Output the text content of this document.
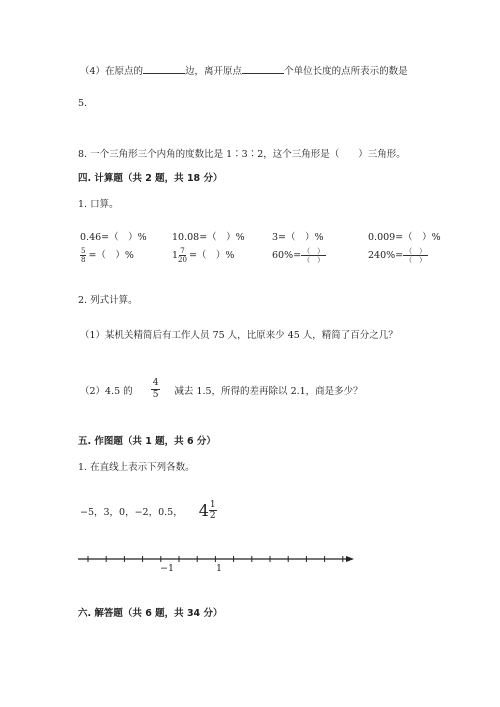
（4）在原点的	边，离开原点	个单位长度的点所表示的数是
5.
8. 一个三角形三个内角的度数比是 1∶3∶2，这个三角形是（　　）三角形。
四. 计算题（共 2 题，共 18 分）
1. 口算。
0.46=（　）%	10.08=（　）%	3=（　）%	0.009=（　）%
$\frac{5}{8}$ =（　）%	$1 \frac{7}{20}$ =（　）%	$60\%= \frac{( )}{( )}$	$240\%= \frac{( )}{( )}$
2. 列式计算。
（1）某机关精简后有工作人员 75 人，比原来少 45 人，精简了百分之几？
（2）4.5 的
4
5 减去 1.5，所得的差再除以 2.1，商是多少？
五. 作图题（共 1 题，共 6 分）
1. 在直线上表示下列各数。
−5，3，0，−2，0.5， $4 \frac{1}{2}$
−1	1
六. 解答题（共 6 题，共 34 分）
